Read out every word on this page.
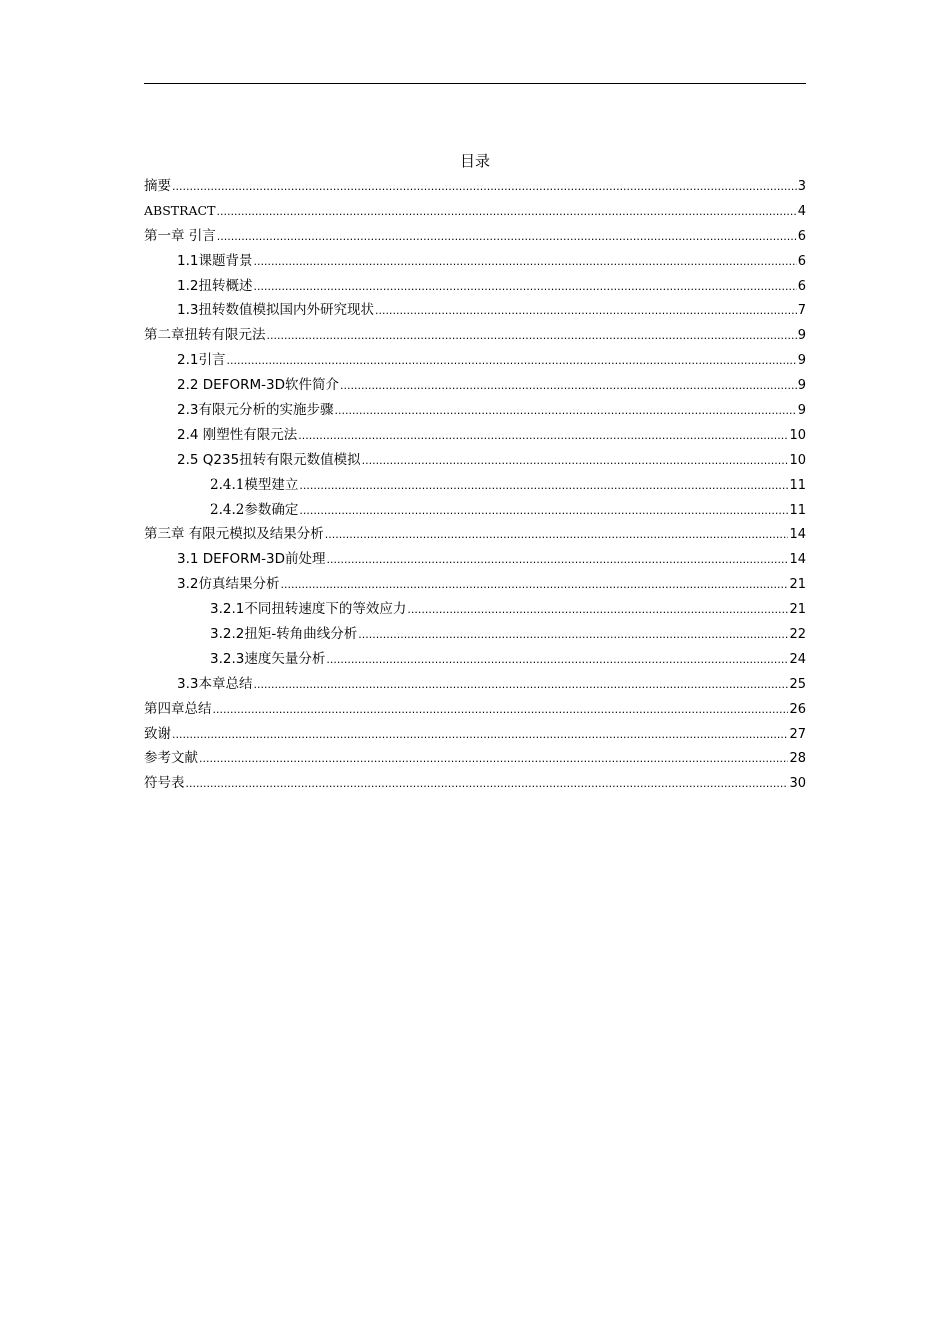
目录
摘要 .....	3
ABSTRACT .....	4
第一章 引言 .....	6
1.1课题背景 .....	6
1.2扭转概述 .....	6
1.3扭转数值模拟国内外研究现状 .....	7
第二章扭转有限元法 .....	9
2.1引言 .....	9
2.2 DEFORM-3D软件简介 .....	9
2.3有限元分析的实施步骤 .....	9
2.4 刚塑性有限元法 .....	10
2.5 Q235扭转有限元数值模拟 .....	10
2.4.1模型建立 .....	11
2.4.2参数确定 .....	11
第三章 有限元模拟及结果分析 .....	14
3.1 DEFORM-3D前处理 .....	14
3.2仿真结果分析 .....	21
3.2.1不同扭转速度下的等效应力 .....	21
3.2.2扭矩-转角曲线分析 .....	22
3.2.3速度矢量分析 .....	24
3.3本章总结 .....	25
第四章总结 .....	26
致谢 .....	27
参考文献 .....	28
符号表 .....	30
